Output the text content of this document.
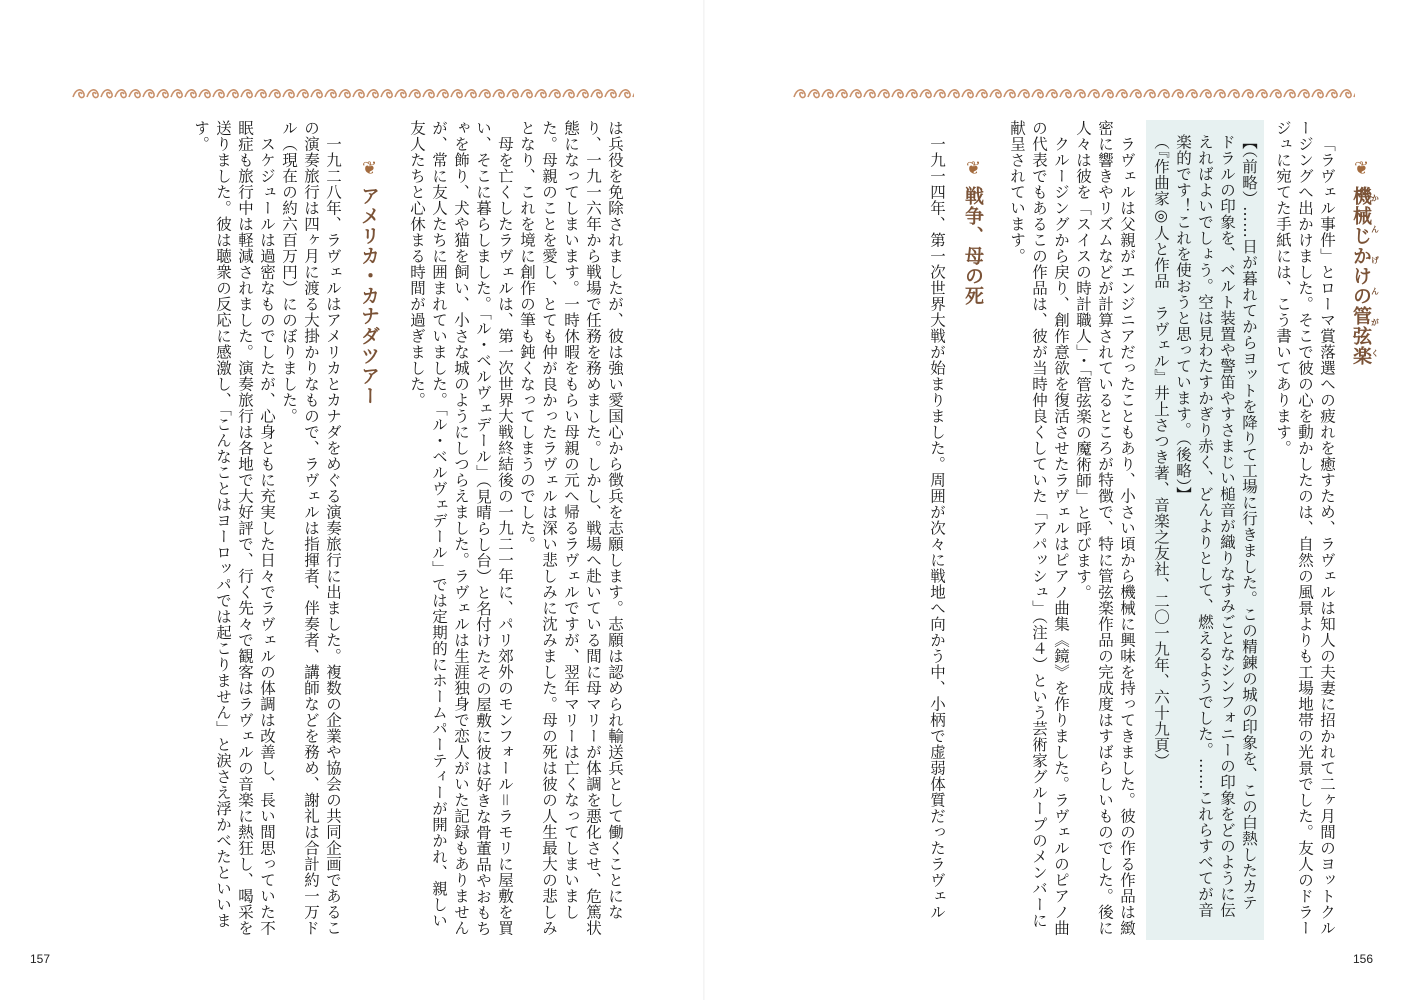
は兵役を免除されましたが、彼は強い愛国心から徴兵を志願します。志願は認められ輸送兵として働くことになり、一九一六年から戦場で任務を務めました。しかし、戦場へ赴いている間に母マリーが体調を悪化させ、危篤状態になってしまいます。一時休暇をもらい母親の元へ帰るラヴェルですが、翌年マリーは亡くなってしまいました。母親のことを愛し、とても仲が良かったラヴェルは深い悲しみに沈みました。母の死は彼の人生最大の悲しみとなり、これを境に創作の筆も鈍くなってしまうのでした。

母を亡くしたラヴェルは、第一次世界大戦終結後の一九二一年に、パリ郊外のモンフォール＝ラモリに屋敷を買い、そこに暮らしました。「ル・ベルヴェデール」（見晴らし台）と名付けたその屋敷に彼は好きな骨董品やおもちゃを飾り、犬や猫を飼い、小さな城のようにしつらえました。ラヴェルは生涯独身で恋人がいた記録もありませんが、常に友人たちに囲まれていました。「ル・ベルヴェデール」では定期的にホームパーティーが開かれ、親しい友人たちと心休まる時間が過ぎました。

❦アメリカ・カナダツアー

一九二八年、ラヴェルはアメリカとカナダをめぐる演奏旅行に出ました。複数の企業や協会の共同企画であるこの演奏旅行は四ヶ月に渡る大掛かりなもので、ラヴェルは指揮者、伴奏者、講師などを務め、謝礼は合計約一万ドル（現在の約六百万円）にのぼりました。

スケジュールは過密なものでしたが、心身ともに充実した日々でラヴェルの体調は改善し、長い間思っていた不眠症も旅行中は軽減されました。演奏旅行は各地で大好評で、行く先々で観客はラヴェルの音楽に熱狂し、喝采を送りました。彼は聴衆の反応に感激し、「こんなことはヨーロッパでは起こりません」と涙さえ浮かべたといいます。

157

❦機械じかけの管弦楽かんげんがく

「ラヴェル事件」とローマ賞落選への疲れを癒すため、ラヴェルは知人の夫妻に招かれて二ヶ月間のヨットクルージングへ出かけました。そこで彼の心を動かしたのは、自然の風景よりも工場地帯の光景でした。友人のドラージュに宛てた手紙には、こう書いてあります。

【（前略）……日が暮れてからヨットを降りて工場に行きました。この精錬の城の印象を、この白熱したカテドラルの印象を、ベルト装置や警笛やすさまじい槌音が織りなすみごとなシンフォニーの印象をどのように伝えればよいでしょう。空は見わたすかぎり赤く、どんよりとして、燃えるようでした。……これらすべてが音楽的です！これを使おうと思っています。（後略）】

（『作曲家◎人と作品　ラヴェル』井上さつき著、音楽之友社、二〇一九年、六十九頁）

ラヴェルは父親がエンジニアだったこともあり、小さい頃から機械に興味を持ってきました。彼の作る作品は緻密に響きやリズムなどが計算されているところが特徴で、特に管弦楽作品の完成度はすばらしいものでした。後に人々は彼を「スイスの時計職人」・「管弦楽の魔術師」と呼びます。

クルージングから戻り、創作意欲を復活させたラヴェルはピアノ曲集《鏡》を作りました。ラヴェルのピアノ曲の代表でもあるこの作品は、彼が当時仲良くしていた「アパッシュ」（注４）という芸術家グループのメンバーに献呈されています。

❦戦争、母の死

一九一四年、第一次世界大戦が始まりました。周囲が次々に戦地へ向かう中、小柄で虚弱体質だったラヴェル

156
